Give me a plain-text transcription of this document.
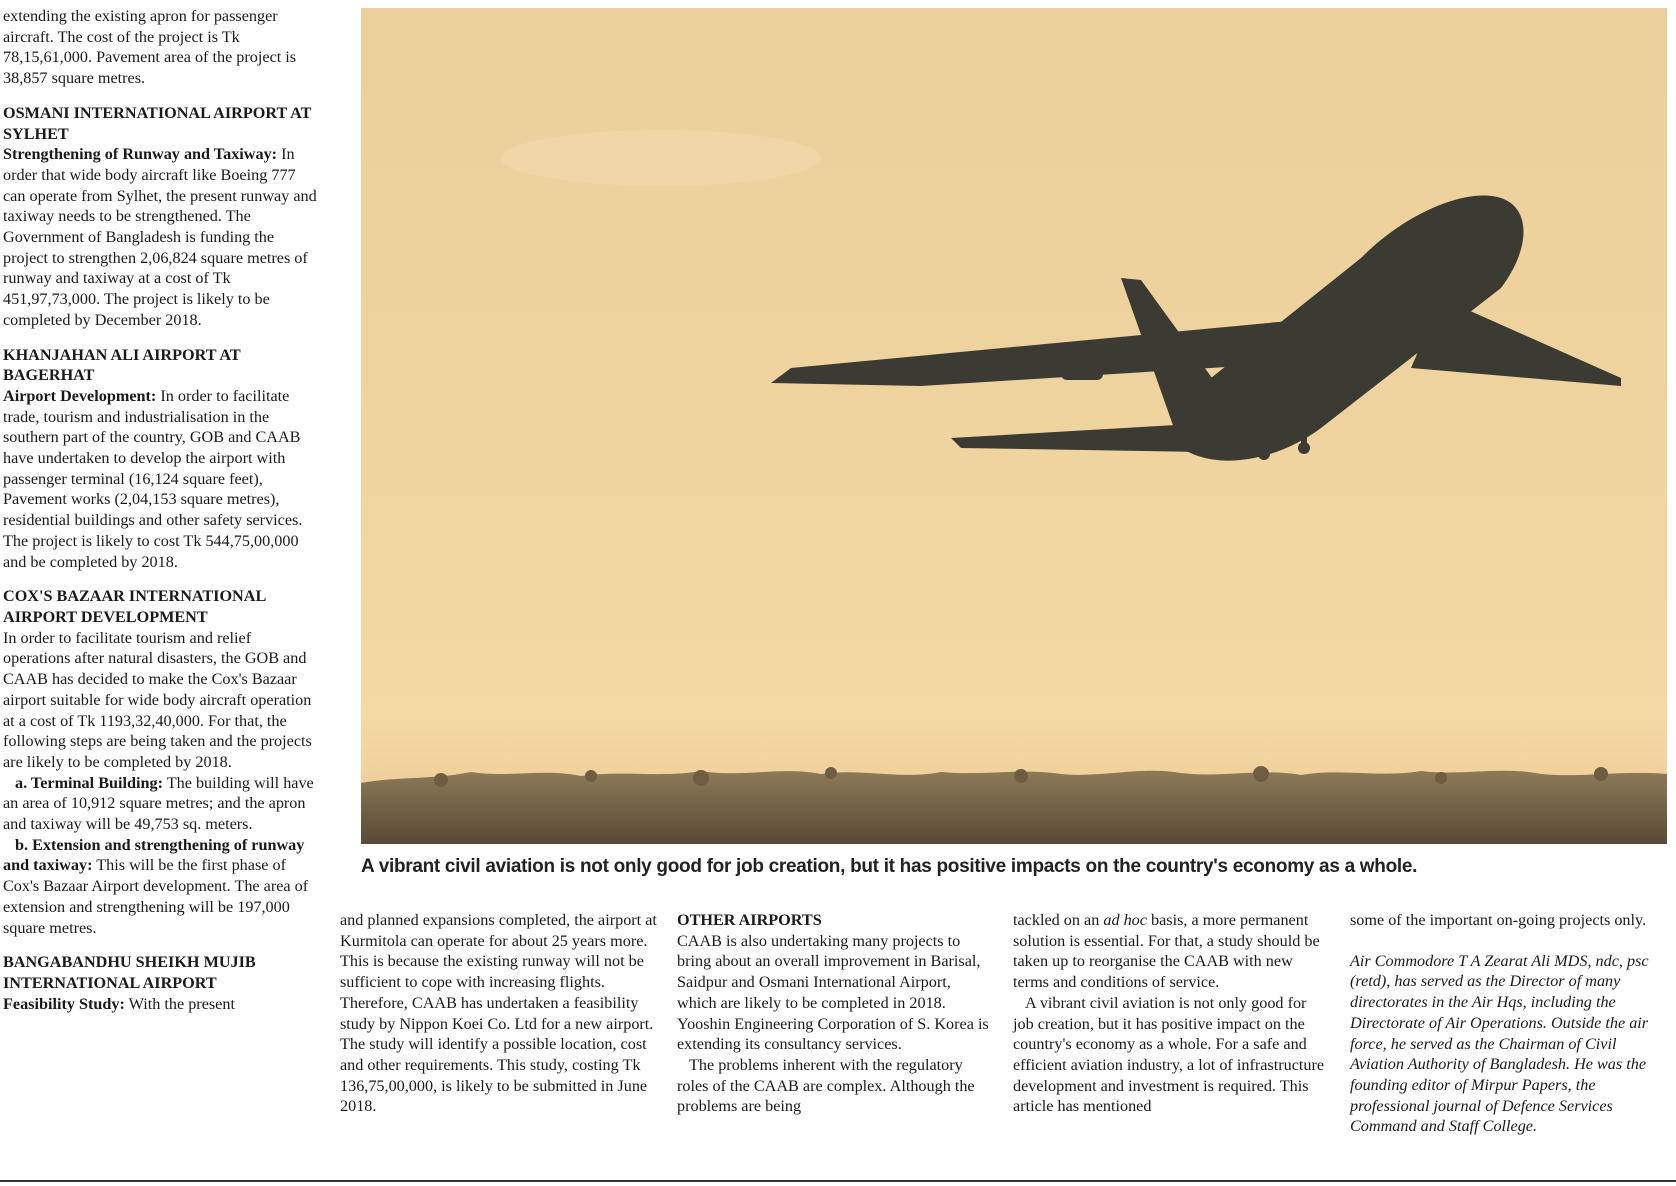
extending the existing apron for passenger aircraft. The cost of the project is Tk 78,15,61,000. Pavement area of the project is 38,857 square metres.

OSMANI INTERNATIONAL AIRPORT AT SYLHET

Strengthening of Runway and Taxiway: In order that wide body aircraft like Boeing 777 can operate from Sylhet, the present runway and taxiway needs to be strengthened. The Government of Bangladesh is funding the project to strengthen 2,06,824 square metres of runway and taxiway at a cost of Tk 451,97,73,000. The project is likely to be completed by December 2018.

KHANJAHAN ALI AIRPORT AT BAGERHAT

Airport Development: In order to facilitate trade, tourism and industrialisation in the southern part of the country, GOB and CAAB have undertaken to develop the airport with passenger terminal (16,124 square feet), Pavement works (2,04,153 square metres), residential buildings and other safety services. The project is likely to cost Tk 544,75,00,000 and be completed by 2018.

COX'S BAZAAR INTERNATIONAL AIRPORT DEVELOPMENT

In order to facilitate tourism and relief operations after natural disasters, the GOB and CAAB has decided to make the Cox's Bazaar airport suitable for wide body aircraft operation at a cost of Tk 1193,32,40,000. For that, the following steps are being taken and the projects are likely to be completed by 2018.

a. Terminal Building: The building will have an area of 10,912 square metres; and the apron and taxiway will be 49,753 sq. meters.

b. Extension and strengthening of runway and taxiway: This will be the first phase of Cox's Bazaar Airport development. The area of extension and strengthening will be 197,000 square metres.

BANGABANDHU SHEIKH MUJIB INTERNATIONAL AIRPORT

Feasibility Study: With the present

A vibrant civil aviation is not only good for job creation, but it has positive impacts on the country's economy as a whole.

and planned expansions completed, the airport at Kurmitola can operate for about 25 years more. This is because the existing runway will not be sufficient to cope with increasing flights. Therefore, CAAB has undertaken a feasibility study by Nippon Koei Co. Ltd for a new airport. The study will identify a possible location, cost and other requirements. This study, costing Tk 136,75,00,000, is likely to be submitted in June 2018.

OTHER AIRPORTS

CAAB is also undertaking many projects to bring about an overall improvement in Barisal, Saidpur and Osmani International Airport, which are likely to be completed in 2018. Yooshin Engineering Corporation of S. Korea is extending its consultancy services.

The problems inherent with the regulatory roles of the CAAB are complex. Although the problems are being

tackled on an ad hoc basis, a more permanent solution is essential. For that, a study should be taken up to reorganise the CAAB with new terms and conditions of service.

A vibrant civil aviation is not only good for job creation, but it has positive impact on the country's economy as a whole. For a safe and efficient aviation industry, a lot of infrastructure development and investment is required. This article has mentioned

some of the important on-going projects only.

Air Commodore T A Zearat Ali MDS, ndc, psc (retd), has served as the Director of many directorates in the Air Hqs, including the Directorate of Air Operations. Outside the air force, he served as the Chairman of Civil Aviation Authority of Bangladesh. He was the founding editor of Mirpur Papers, the professional journal of Defence Services Command and Staff College.
